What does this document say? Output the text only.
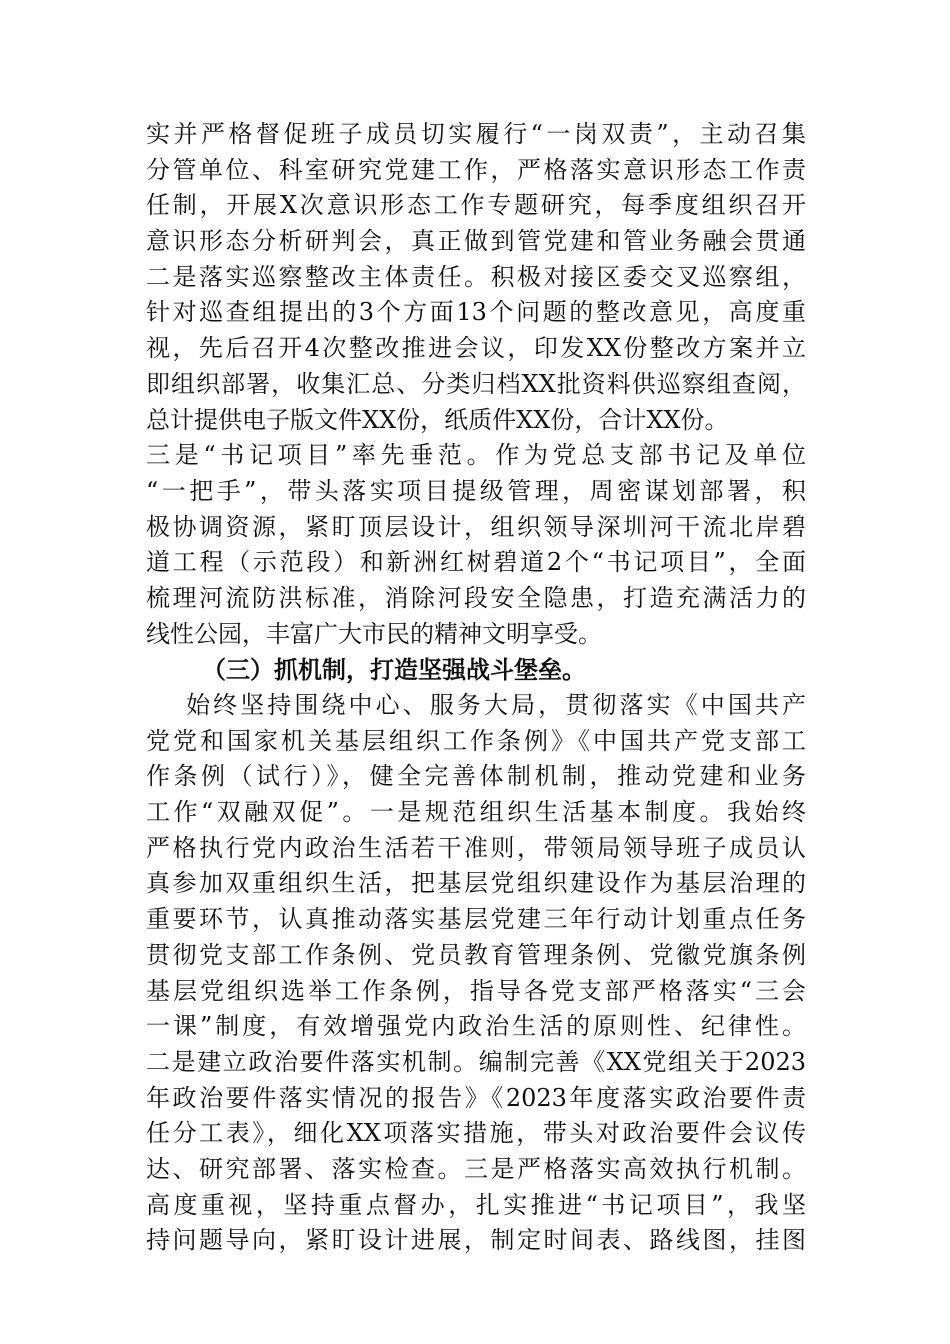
实并严格督促班子成员切实履行“一岗双责”，主动召集
分管单位、科室研究党建工作，严格落实意识形态工作责
任制，开展X次意识形态工作专题研究，每季度组织召开
意识形态分析研判会，真正做到管党建和管业务融会贯通
二是落实巡察整改主体责任。积极对接区委交叉巡察组，
针对巡查组提出的3个方面13个问题的整改意见，高度重
视，先后召开4次整改推进会议，印发XX份整改方案并立
即组织部署，收集汇总、分类归档XX批资料供巡察组查阅，
总计提供电子版文件XX份，纸质件XX份，合计XX份。
三是“书记项目”率先垂范。作为党总支部书记及单位
“一把手”，带头落实项目提级管理，周密谋划部署，积
极协调资源，紧盯顶层设计，组织领导深圳河干流北岸碧
道工程（示范段）和新洲红树碧道2个“书记项目”，全面
梳理河流防洪标准，消除河段安全隐患，打造充满活力的
线性公园，丰富广大市民的精神文明享受。
（三）抓机制，打造坚强战斗堡垒。
始终坚持围绕中心、服务大局，贯彻落实《中国共产
党党和国家机关基层组织工作条例》《中国共产党支部工
作条例（试行）》，健全完善体制机制，推动党建和业务
工作“双融双促”。一是规范组织生活基本制度。我始终
严格执行党内政治生活若干准则，带领局领导班子成员认
真参加双重组织生活，把基层党组织建设作为基层治理的
重要环节，认真推动落实基层党建三年行动计划重点任务
贯彻党支部工作条例、党员教育管理条例、党徽党旗条例
基层党组织选举工作条例，指导各党支部严格落实“三会
一课”制度，有效增强党内政治生活的原则性、纪律性。
二是建立政治要件落实机制。编制完善《XX党组关于2023
年政治要件落实情况的报告》《2023年度落实政治要件责
任分工表》，细化XX项落实措施，带头对政治要件会议传
达、研究部署、落实检查。三是严格落实高效执行机制。
高度重视，坚持重点督办，扎实推进“书记项目”，我坚
持问题导向，紧盯设计进展，制定时间表、路线图，挂图
